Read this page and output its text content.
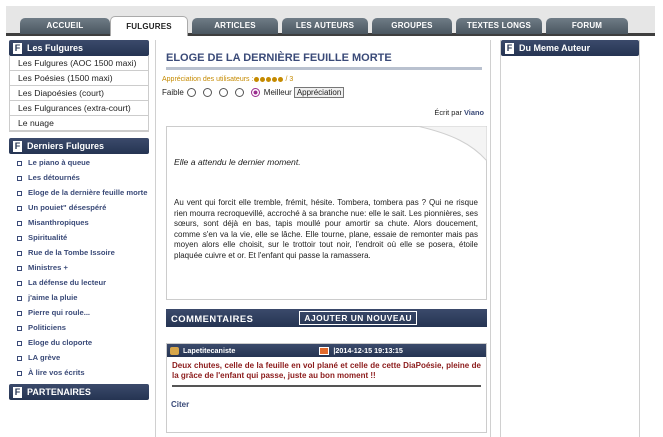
ACCUEIL	FULGURES	ARTICLES	LES AUTEURS	GROUPES	TEXTES LONGS	FORUM
F Les Fulgures
Les Fulgures (AOC 1500 maxi)
Les Poésies (1500 maxi)
Les Diapoésies (court)
Les Fulgurances (extra-court)
Le nuage
F Derniers Fulgures
Le piano à queue
Les détournés
Eloge de la dernière feuille morte
Un pouiet" désespéré
Misanthropiques
Spiritualité
Rue de la Tombe Issoire
Ministres +
La défense du lecteur
j'aime la pluie
Pierre qui roule...
Politiciens
Eloge du cloporte
LA grève
À lire vos écrits
F PARTENAIRES
ELOGE DE LA DERNIÈRE FEUILLE MORTE
Appréciation des utilisateurs :	/ 3
Faible	Meilleur Appréciation
Écrit par Viano
Elle a attendu le dernier moment.
Au vent qui forcit elle tremble, frémit, hésite. Tombera, tombera pas ? Qui ne risque rien mourra recroquevillé, accroché à sa branche nue: elle le sait. Les pionnières, ses sœurs, sont déjà en bas, tapis moullé pour amortir sa chute. Alors doucement, comme s'en va la vie, elle se lâche. Elle tourne, plane, essaie de remonter mais pas moyen alors elle choisit, sur le trottoir tout noir, l'endroit où elle se posera, étoile plaquée cuivre et or. Et l'enfant qui passe la ramassera.
COMMENTAIRES	AJOUTER UN NOUVEAU
Lapetitecaniste	|2014-12-15 19:13:15
Deux chutes, celle de la feuille en vol plané et celle de cette DiaPoésie, pleine de la grâce de l'enfant qui passe, juste au bon moment !!
Citer
F Du Meme Auteur
